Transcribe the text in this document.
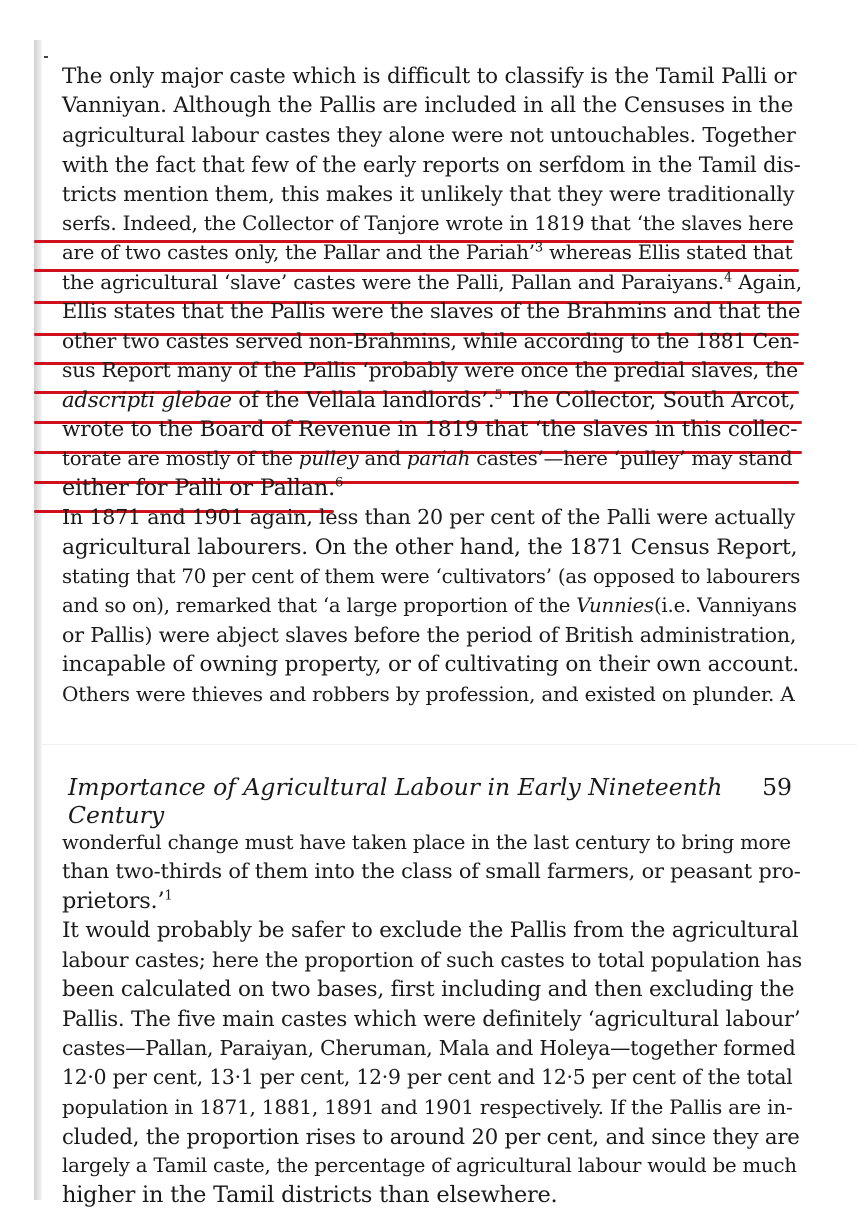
The only major caste which is difficult to classify is the Tamil Palli or
Vanniyan. Although the Pallis are included in all the Censuses in the
agricultural labour castes they alone were not untouchables. Together
with the fact that few of the early reports on serfdom in the Tamil dis-
tricts mention them, this makes it unlikely that they were traditionally
serfs. Indeed, the Collector of Tanjore wrote in 1819 that ‘the slaves here
are of two castes only, the Pallar and the Pariah’$^3$ whereas Ellis stated that
the agricultural ‘slave’ castes were the Palli, Pallan and Paraiyans.$^4$ Again,
Ellis states that the Pallis were the slaves of the Brahmins and that the
other two castes served non-Brahmins, while according to the 1881 Cen-
sus Report many of the Pallis ‘probably were once the predial slaves, the
adscripti glebae of the Vellala landlords’.$^5$ The Collector, South Arcot,
wrote to the Board of Revenue in 1819 that ‘the slaves in this collec-
torate are mostly of the pulley and pariah castes’—here ‘pulley’ may stand
either for Palli or Pallan.$^6$
In 1871 and 1901 again, less than 20 per cent of the Palli were actually
agricultural labourers. On the other hand, the 1871 Census Report,
stating that 70 per cent of them were ‘cultivators’ (as opposed to labourers
and so on), remarked that ‘a large proportion of the Vunnies(i.e. Vanniyans
or Pallis) were abject slaves before the period of British administration,
incapable of owning property, or of cultivating on their own account.
Others were thieves and robbers by profession, and existed on plunder. A
Importance of Agricultural Labour in Early Nineteenth Century
59
wonderful change must have taken place in the last century to bring more
than two-thirds of them into the class of small farmers, or peasant pro-
prietors.’$^1$
It would probably be safer to exclude the Pallis from the agricultural
labour castes; here the proportion of such castes to total population has
been calculated on two bases, first including and then excluding the
Pallis. The five main castes which were definitely ‘agricultural labour’
castes—Pallan, Paraiyan, Cheruman, Mala and Holeya—together formed
12·0 per cent, 13·1 per cent, 12·9 per cent and 12·5 per cent of the total
population in 1871, 1881, 1891 and 1901 respectively. If the Pallis are in-
cluded, the proportion rises to around 20 per cent, and since they are
largely a Tamil caste, the percentage of agricultural labour would be much
higher in the Tamil districts than elsewhere.
